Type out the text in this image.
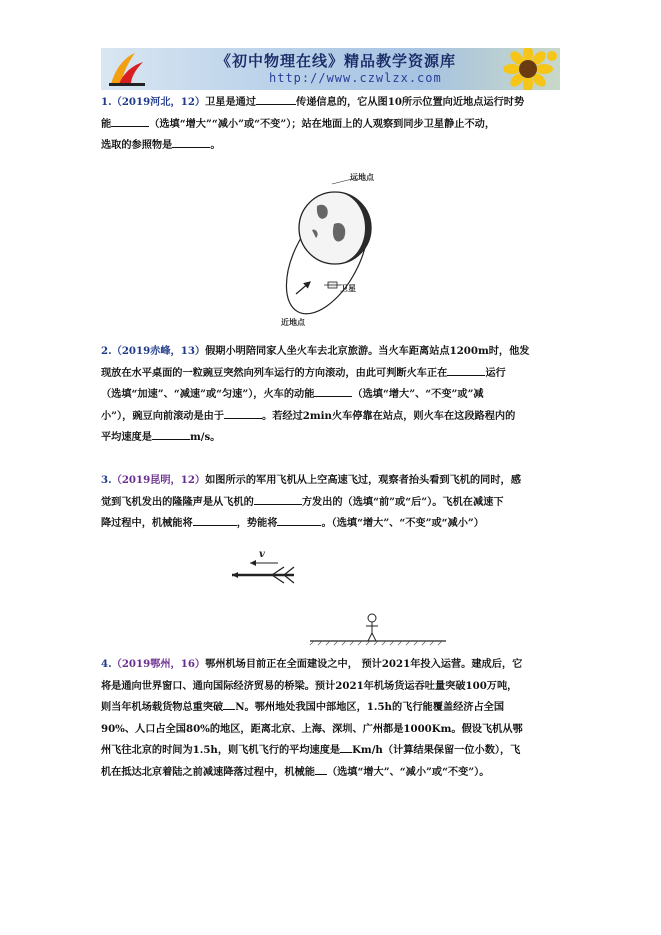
《初中物理在线》精品教学资源库
http://www.czwlzx.com
1.（2019河北，12）卫星是通过	传递信息的，它从图10所示位置向近地点运行时势
能	（选填“增大”“减小”或“不变”）；站在地面上的人观察到同步卫星静止不动，
选取的参照物是	。
远地点
卫星
近地点
2.（2019赤峰，13）假期小明陪同家人坐火车去北京旅游。当火车距离站点1200m时，他发
现放在水平桌面的一粒豌豆突然向列车运行的方向滚动，由此可判断火车正在	运行
（选填“加速”、“减速”或“匀速”），火车的动能	（选填“增大”、“不变”或”减
小”），豌豆向前滚动是由于	。若经过2min火车停靠在站点，则火车在这段路程内的
平均速度是	m/s。
3.（2019昆明，12）如图所示的军用飞机从上空高速飞过，观察者抬头看到飞机的同时，感
觉到飞机发出的隆隆声是从飞机的	方发出的（选填“前”或“后”）。飞机在减速下
降过程中，机械能将	，势能将	。（选填“增大”、“不变”或“减小”）
v
4.（2019鄂州，16）鄂州机场目前正在全面建设之中， 预计2021年投入运营。建成后，它
将是通向世界窗口、通向国际经济贸易的桥梁。预计2021年机场货运吞吐量突破100万吨，
则当年机场载货物总重突破 N。鄂州地处我国中部地区，1.5h的飞行能覆盖经济占全国
90%、人口占全国80%的地区，距离北京、上海、深圳、广州都是1000Km。假设飞机从鄂
州飞往北京的时间为1.5h，则飞机飞行的平均速度是 Km/h（计算结果保留一位小数），飞
机在抵达北京着陆之前减速降落过程中，机械能 （选填“增大”、“减小”或“不变”）。
